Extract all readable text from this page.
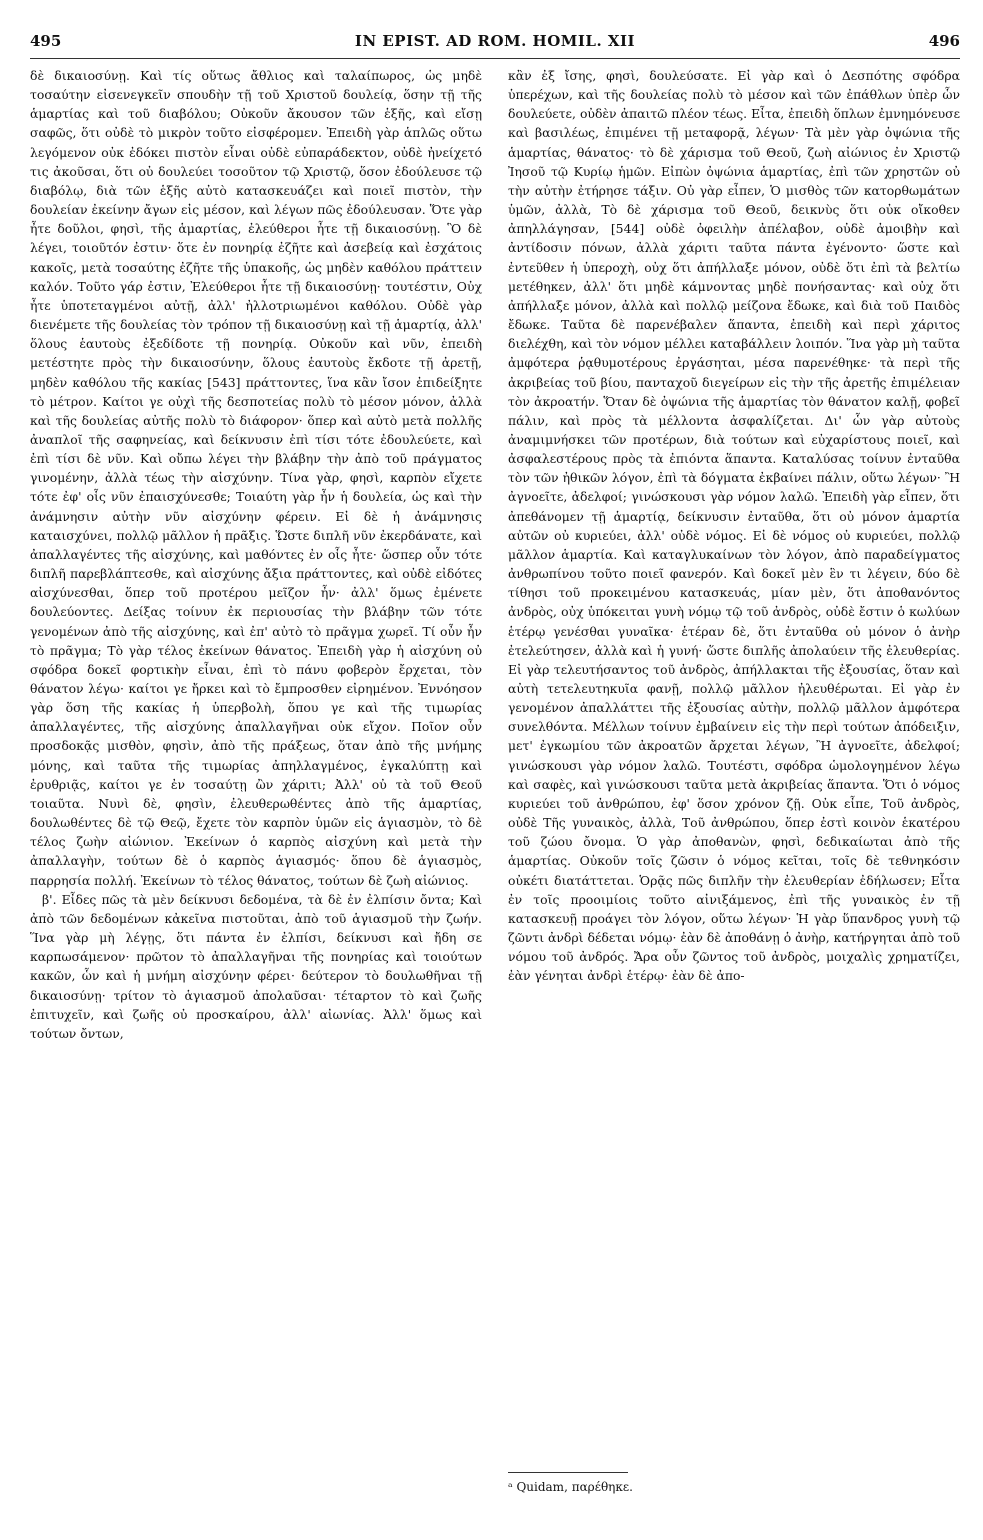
495	IN EPIST. AD ROM. HOMIL. XII	496

δὲ δικαιοσύνῃ. Καὶ τίς οὕτως ἄθλιος καὶ ταλαίπωρος, ὡς μηδὲ τοσαύτην εἰσενεγκεῖν σπουδὴν τῇ τοῦ Χριστοῦ δουλείᾳ, ὅσην τῇ τῆς ἁμαρτίας καὶ τοῦ διαβόλου; Οὐκοῦν ἄκουσον τῶν ἑξῆς, καὶ εἴσῃ σαφῶς, ὅτι οὐδὲ τὸ μικρὸν τοῦτο εἰσφέρομεν. Ἐπειδὴ γὰρ ἁπλῶς οὕτω λεγόμενον οὐκ ἐδόκει πιστὸν εἶναι οὐδὲ εὐπαράδεκτον, οὐδὲ ἠνείχετό τις ἀκοῦσαι, ὅτι οὐ δουλεύει τοσοῦτον τῷ Χριστῷ, ὅσον ἐδούλευσε τῷ διαβόλῳ, διὰ τῶν ἑξῆς αὐτὸ κατασκευάζει καὶ ποιεῖ πιστὸν, τὴν δουλείαν ἐκείνην ἄγων εἰς μέσον, καὶ λέγων πῶς ἐδούλευσαν. Ὅτε γὰρ ἦτε δοῦλοι, φησὶ, τῆς ἁμαρτίας, ἐλεύθεροι ἦτε τῇ δικαιοσύνῃ. Ὃ δὲ λέγει, τοιοῦτόν ἐστιν· ὅτε ἐν πονηρίᾳ ἐζῆτε καὶ ἀσεβείᾳ καὶ ἐσχάτοις κακοῖς, μετὰ τοσαύτης ἐζῆτε τῆς ὑπακοῆς, ὡς μηδὲν καθόλου πράττειν καλόν. Τοῦτο γάρ ἐστιν, Ἐλεύθεροι ἦτε τῇ δικαιοσύνῃ· τουτέστιν, Οὐχ ἦτε ὑποτεταγμένοι αὐτῇ, ἀλλ' ἠλλοτριωμένοι καθόλου. Οὐδὲ γὰρ διενέμετε τῆς δουλείας τὸν τρόπον τῇ δικαιοσύνῃ καὶ τῇ ἁμαρτίᾳ, ἀλλ' ὅλους ἑαυτοὺς ἐξεδίδοτε τῇ πονηρίᾳ. Οὐκοῦν καὶ νῦν, ἐπειδὴ μετέστητε πρὸς τὴν δικαιοσύνην, ὅλους ἑαυτοὺς ἔκδοτε τῇ ἀρετῇ, μηδὲν καθόλου τῆς κακίας [543] πράττοντες, ἵνα κἂν ἴσον ἐπιδείξητε τὸ μέτρον. Καίτοι γε οὐχὶ τῆς δεσποτείας πολὺ τὸ μέσον μόνον, ἀλλὰ καὶ τῆς δουλείας αὐτῆς πολὺ τὸ διάφορον· ὅπερ καὶ αὐτὸ μετὰ πολλῆς ἀναπλοῖ τῆς σαφηνείας, καὶ δείκνυσιν ἐπὶ τίσι τότε ἐδουλεύετε, καὶ ἐπὶ τίσι δὲ νῦν. Καὶ οὔπω λέγει τὴν βλάβην τὴν ἀπὸ τοῦ πράγματος γινομένην, ἀλλὰ τέως τὴν αἰσχύνην. Τίνα γὰρ, φησὶ, καρπὸν εἴχετε τότε ἐφ' οἷς νῦν ἐπαισχύνεσθε; Τοιαύτη γὰρ ἦν ἡ δουλεία, ὡς καὶ τὴν ἀνάμνησιν αὐτὴν νῦν αἰσχύνην φέρειν. Εἰ δὲ ἡ ἀνάμνησις καταισχύνει, πολλῷ μᾶλλον ἡ πρᾶξις. Ὥστε διπλῆ νῦν ἐκερδάνατε, καὶ ἀπαλλαγέντες τῆς αἰσχύνης, καὶ μαθόντες ἐν οἷς ἦτε· ὥσπερ οὖν τότε διπλῆ παρεβλάπτεσθε, καὶ αἰσχύνης ἄξια πράττοντες, καὶ οὐδὲ εἰδότες αἰσχύνεσθαι, ὅπερ τοῦ προτέρου μεῖζον ἦν· ἀλλ' ὅμως ἐμένετε δουλεύοντες. Δείξας τοίνυν ἐκ περιουσίας τὴν βλάβην τῶν τότε γενομένων ἀπὸ τῆς αἰσχύνης, καὶ ἐπ' αὐτὸ τὸ πρᾶγμα χωρεῖ. Τί οὖν ἦν τὸ πρᾶγμα; Τὸ γὰρ τέλος ἐκείνων θάνατος. Ἐπειδὴ γὰρ ἡ αἰσχύνη οὐ σφόδρα δοκεῖ φορτικὴν εἶναι, ἐπὶ τὸ πάνυ φοβερὸν ἔρχεται, τὸν θάνατον λέγω· καίτοι γε ἤρκει καὶ τὸ ἔμπροσθεν εἰρημένον. Ἐννόησον γὰρ ὅση τῆς κακίας ἡ ὑπερβολὴ, ὅπου γε καὶ τῆς τιμωρίας ἀπαλλαγέντες, τῆς αἰσχύνης ἀπαλλαγῆναι οὐκ εἴχον. Ποῖον οὖν προσδοκᾷς μισθὸν, φησὶν, ἀπὸ τῆς πράξεως, ὅταν ἀπὸ τῆς μνήμης μόνης, καὶ ταῦτα τῆς τιμωρίας ἀπηλλαγμένος, ἐγκαλύπτῃ καὶ ἐρυθριᾷς, καίτοι γε ἐν τοσαύτῃ ὢν χάριτι; Ἀλλ' οὐ τὰ τοῦ Θεοῦ τοιαῦτα. Νυνὶ δὲ, φησὶν, ἐλευθερωθέντες ἀπὸ τῆς ἁμαρτίας, δουλωθέντες δὲ τῷ Θεῷ, ἔχετε τὸν καρπὸν ὑμῶν εἰς ἁγιασμὸν, τὸ δὲ τέλος ζωὴν αἰώνιον. Ἐκείνων ὁ καρπὸς αἰσχύνη καὶ μετὰ τὴν ἀπαλλαγὴν, τούτων δὲ ὁ καρπὸς ἁγιασμός· ὅπου δὲ ἁγιασμὸς, παρρησία πολλή. Ἐκείνων τὸ τέλος θάνατος, τούτων δὲ ζωὴ αἰώνιος.

β'. Εἶδες πῶς τὰ μὲν δείκνυσι δεδομένα, τὰ δὲ ἐν ἐλπίσιν ὄντα; Καὶ ἀπὸ τῶν δεδομένων κἀκεῖνα πιστοῦται, ἀπὸ τοῦ ἁγιασμοῦ τὴν ζωήν. Ἵνα γὰρ μὴ λέγῃς, ὅτι πάντα ἐν ἐλπίσι, δείκνυσι καὶ ἤδη σε καρπωσάμενον· πρῶτον τὸ ἀπαλλαγῆναι τῆς πονηρίας καὶ τοιούτων κακῶν, ὧν καὶ ἡ μνήμη αἰσχύνην φέρει· δεύτερον τὸ δουλωθῆναι τῇ δικαιοσύνῃ· τρίτον τὸ ἁγιασμοῦ ἀπολαῦσαι· τέταρτον τὸ καὶ ζωῆς ἐπιτυχεῖν, καὶ ζωῆς οὐ προσκαίρου, ἀλλ' αἰωνίας. Ἀλλ' ὅμως καὶ τούτων ὄντων,

κἂν ἐξ ἴσης, φησὶ, δουλεύσατε. Εἰ γὰρ καὶ ὁ Δεσπότης σφόδρα ὑπερέχων, καὶ τῆς δουλείας πολὺ τὸ μέσον καὶ τῶν ἐπάθλων ὑπὲρ ὧν δουλεύετε, οὐδὲν ἀπαιτῶ πλέον τέως. Εἶτα, ἐπειδὴ ὅπλων ἐμνημόνευσε καὶ βασιλέως, ἐπιμένει τῇ μεταφορᾷ, λέγων· Τὰ μὲν γὰρ ὀψώνια τῆς ἁμαρτίας, θάνατος· τὸ δὲ χάρισμα τοῦ Θεοῦ, ζωὴ αἰώνιος ἐν Χριστῷ Ἰησοῦ τῷ Κυρίῳ ἡμῶν. Εἰπὼν ὀψώνια ἁμαρτίας, ἐπὶ τῶν χρηστῶν οὐ τὴν αὐτὴν ἐτήρησε τάξιν. Οὐ γὰρ εἶπεν, Ὁ μισθὸς τῶν κατορθωμάτων ὑμῶν, ἀλλὰ, Τὸ δὲ χάρισμα τοῦ Θεοῦ, δεικνὺς ὅτι οὐκ οἴκοθεν ἀπηλλάγησαν, [544] οὐδὲ ὀφειλὴν ἀπέλαβον, οὐδὲ ἀμοιβὴν καὶ ἀντίδοσιν πόνων, ἀλλὰ χάριτι ταῦτα πάντα ἐγένοντο· ὥστε καὶ ἐντεῦθεν ἡ ὑπεροχὴ, οὐχ ὅτι ἀπήλλαξε μόνον, οὐδὲ ὅτι ἐπὶ τὰ βελτίω μετέθηκεν, ἀλλ' ὅτι μηδὲ κάμνοντας μηδὲ πονήσαντας· καὶ οὐχ ὅτι ἀπήλλαξε μόνον, ἀλλὰ καὶ πολλῷ μείζονα ἔδωκε, καὶ διὰ τοῦ Παιδὸς ἔδωκε. Ταῦτα δὲ παρενέβαλεν ἅπαντα, ἐπειδὴ καὶ περὶ χάριτος διελέχθη, καὶ τὸν νόμον μέλλει καταβάλλειν λοιπόν. Ἵνα γὰρ μὴ ταῦτα ἀμφότερα ῥᾳθυμοτέρους ἐργάσηται, μέσα παρενέθηκε· τὰ περὶ τῆς ἀκριβείας τοῦ βίου, πανταχοῦ διεγείρων εἰς τὴν τῆς ἀρετῆς ἐπιμέλειαν τὸν ἀκροατήν. Ὅταν δὲ ὀψώνια τῆς ἁμαρτίας τὸν θάνατον καλῇ, φοβεῖ πάλιν, καὶ πρὸς τὰ μέλλοντα ἀσφαλίζεται. Δι' ὧν γὰρ αὐτοὺς ἀναμιμνήσκει τῶν προτέρων, διὰ τούτων καὶ εὐχαρίστους ποιεῖ, καὶ ἀσφαλεστέρους πρὸς τὰ ἐπιόντα ἅπαντα. Καταλύσας τοίνυν ἐνταῦθα τὸν τῶν ἠθικῶν λόγον, ἐπὶ τὰ δόγματα ἐκβαίνει πάλιν, οὕτω λέγων· Ἢ ἀγνοεῖτε, ἀδελφοί; γινώσκουσι γὰρ νόμον λαλῶ. Ἐπειδὴ γὰρ εἶπεν, ὅτι ἀπεθάνομεν τῇ ἁμαρτίᾳ, δείκνυσιν ἐνταῦθα, ὅτι οὐ μόνον ἁμαρτία αὐτῶν οὐ κυριεύει, ἀλλ' οὐδὲ νόμος. Εἰ δὲ νόμος οὐ κυριεύει, πολλῷ μᾶλλον ἁμαρτία. Καὶ καταγλυκαίνων τὸν λόγον, ἀπὸ παραδείγματος ἀνθρωπίνου τοῦτο ποιεῖ φανερόν. Καὶ δοκεῖ μὲν ἓν τι λέγειν, δύο δὲ τίθησι τοῦ προκειμένου κατασκευάς, μίαν μὲν, ὅτι ἀποθανόντος ἀνδρὸς, οὐχ ὑπόκειται γυνὴ νόμῳ τῷ τοῦ ἀνδρὸς, οὐδὲ ἔστιν ὁ κωλύων ἑτέρῳ γενέσθαι γυναῖκα· ἑτέραν δὲ, ὅτι ἐνταῦθα οὐ μόνον ὁ ἀνὴρ ἐτελεύτησεν, ἀλλὰ καὶ ἡ γυνή· ὥστε διπλῆς ἀπολαύειν τῆς ἐλευθερίας. Εἰ γὰρ τελευτήσαντος τοῦ ἀνδρὸς, ἀπήλλακται τῆς ἐξουσίας, ὅταν καὶ αὐτὴ τετελευτηκυῖα φανῇ, πολλῷ μᾶλλον ἠλευθέρωται. Εἰ γὰρ ἐν γενομένον ἀπαλλάττει τῆς ἐξουσίας αὐτὴν, πολλῷ μᾶλλον ἀμφότερα συνελθόντα. Μέλλων τοίνυν ἐμβαίνειν εἰς τὴν περὶ τούτων ἀπόδειξιν, μετ' ἐγκωμίου τῶν ἀκροατῶν ἄρχεται λέγων, Ἢ ἀγνοεῖτε, ἀδελφοί; γινώσκουσι γὰρ νόμον λαλῶ. Τουτέστι, σφόδρα ὡμολογημένον λέγω καὶ σαφὲς, καὶ γινώσκουσι ταῦτα μετὰ ἀκριβείας ἅπαντα. Ὅτι ὁ νόμος κυριεύει τοῦ ἀνθρώπου, ἐφ' ὅσον χρόνον ζῇ. Οὐκ εἶπε, Τοῦ ἀνδρὸς, οὐδὲ Τῆς γυναικὸς, ἀλλὰ, Τοῦ ἀνθρώπου, ὅπερ ἐστὶ κοινὸν ἑκατέρου τοῦ ζώου ὄνομα. Ὁ γὰρ ἀποθανὼν, φησὶ, δεδικαίωται ἀπὸ τῆς ἁμαρτίας. Οὐκοῦν τοῖς ζῶσιν ὁ νόμος κεῖται, τοῖς δὲ τεθνηκόσιν οὐκέτι διατάττεται. Ὁρᾷς πῶς διπλῆν τὴν ἐλευθερίαν ἐδήλωσεν; Εἶτα ἐν τοῖς προοιμίοις τοῦτο αἰνιξάμενος, ἐπὶ τῆς γυναικὸς ἐν τῇ κατασκευῇ προάγει τὸν λόγον, οὕτω λέγων· Ἡ γὰρ ὕπανδρος γυνὴ τῷ ζῶντι ἀνδρὶ δέδεται νόμῳ· ἐὰν δὲ ἀποθάνῃ ὁ ἀνὴρ, κατήργηται ἀπὸ τοῦ νόμου τοῦ ἀνδρός. Ἄρα οὖν ζῶντος τοῦ ἀνδρὸς, μοιχαλὶς χρηματίζει, ἐὰν γένηται ἀνδρὶ ἑτέρῳ· ἐὰν δὲ ἀπο-

ᵃ Quidam, παρέθηκε.
